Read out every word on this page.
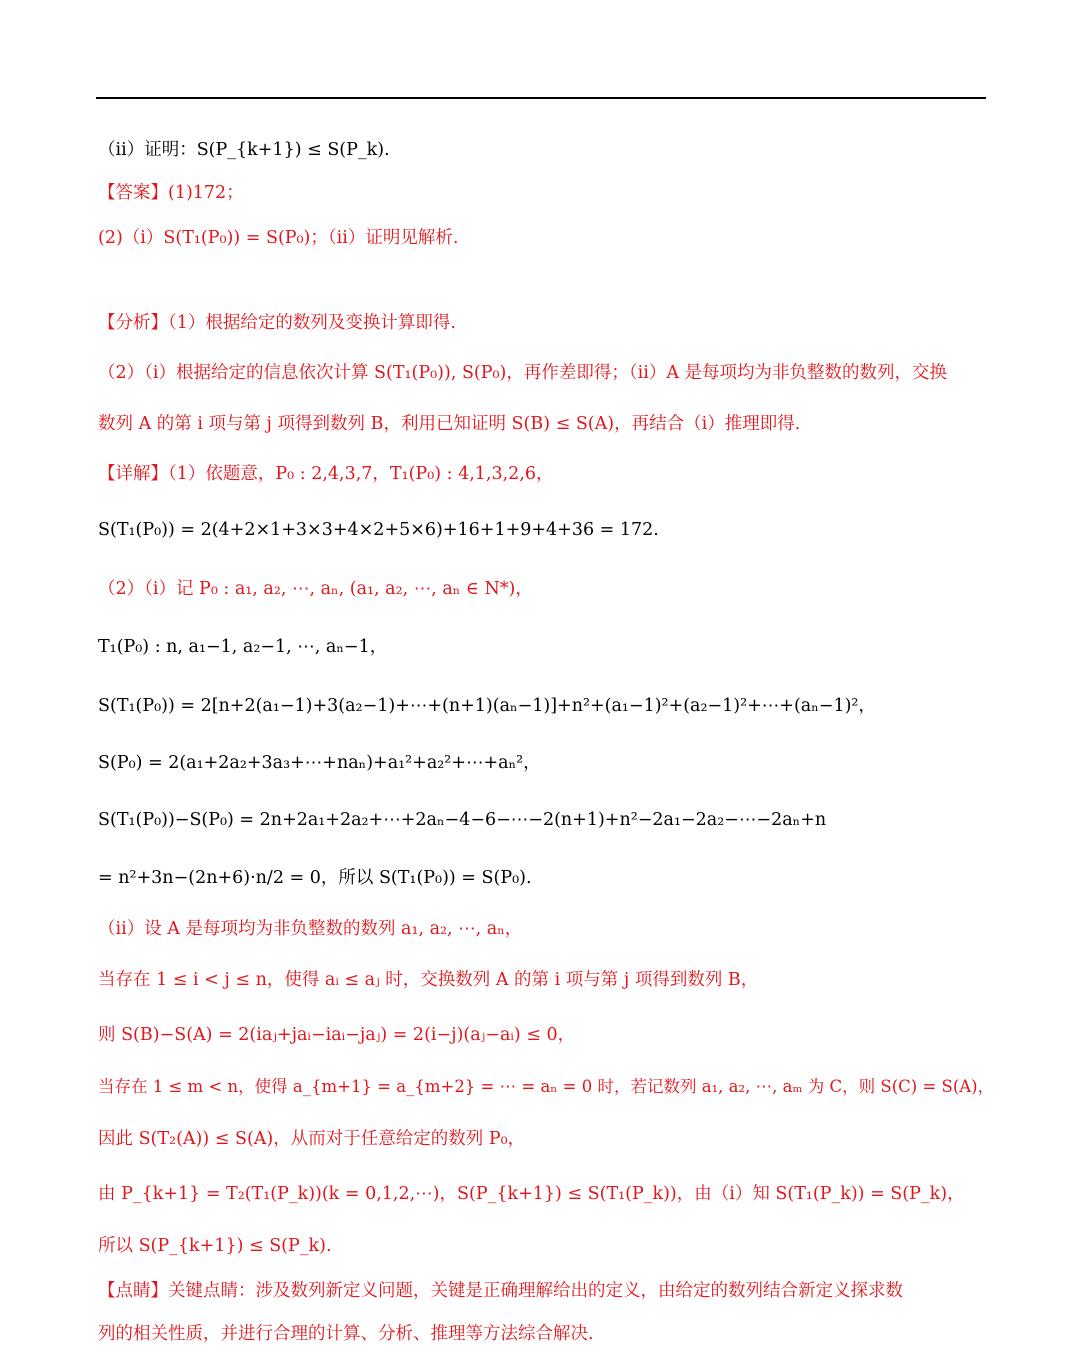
（ii）证明：S(P_{k+1}) ≤ S(P_k).
【答案】(1)172；
(2)（i）S(T₁(P₀)) = S(P₀)；（ii）证明见解析.
【分析】（1）根据给定的数列及变换计算即得.
（2）（i）根据给定的信息依次计算 S(T₁(P₀)), S(P₀)，再作差即得；（ii）A 是每项均为非负整数的数列，交换
数列 A 的第 i 项与第 j 项得到数列 B，利用已知证明 S(B) ≤ S(A)，再结合（i）推理即得.
【详解】（1）依题意，P₀ : 2,4,3,7，T₁(P₀) : 4,1,3,2,6，
S(T₁(P₀)) = 2(4+2×1+3×3+4×2+5×6)+16+1+9+4+36 = 172.
（2）（i）记 P₀ : a₁, a₂, ⋯, aₙ, (a₁, a₂, ⋯, aₙ ∈ N*)，
T₁(P₀) : n, a₁−1, a₂−1, ⋯, aₙ−1，
S(T₁(P₀)) = 2[n+2(a₁−1)+3(a₂−1)+⋯+(n+1)(aₙ−1)]+n²+(a₁−1)²+(a₂−1)²+⋯+(aₙ−1)²，
S(P₀) = 2(a₁+2a₂+3a₃+⋯+naₙ)+a₁²+a₂²+⋯+aₙ²，
S(T₁(P₀))−S(P₀) = 2n+2a₁+2a₂+⋯+2aₙ−4−6−⋯−2(n+1)+n²−2a₁−2a₂−⋯−2aₙ+n
= n²+3n−(2n+6)·n/2 = 0，所以 S(T₁(P₀)) = S(P₀).
（ii）设 A 是每项均为非负整数的数列 a₁, a₂, ⋯, aₙ，
当存在 1 ≤ i < j ≤ n，使得 aᵢ ≤ aⱼ 时，交换数列 A 的第 i 项与第 j 项得到数列 B，
则 S(B)−S(A) = 2(iaⱼ+jaᵢ−iaᵢ−jaⱼ) = 2(i−j)(aⱼ−aᵢ) ≤ 0，
当存在 1 ≤ m < n，使得 a_{m+1} = a_{m+2} = ⋯ = aₙ = 0 时，若记数列 a₁, a₂, ⋯, aₘ 为 C，则 S(C) = S(A)，
因此 S(T₂(A)) ≤ S(A)，从而对于任意给定的数列 P₀，
由 P_{k+1} = T₂(T₁(P_k))(k = 0,1,2,⋯)，S(P_{k+1}) ≤ S(T₁(P_k))，由（i）知 S(T₁(P_k)) = S(P_k)，
所以 S(P_{k+1}) ≤ S(P_k).
【点睛】关键点睛：涉及数列新定义问题，关键是正确理解给出的定义，由给定的数列结合新定义探求数
列的相关性质，并进行合理的计算、分析、推理等方法综合解决.
